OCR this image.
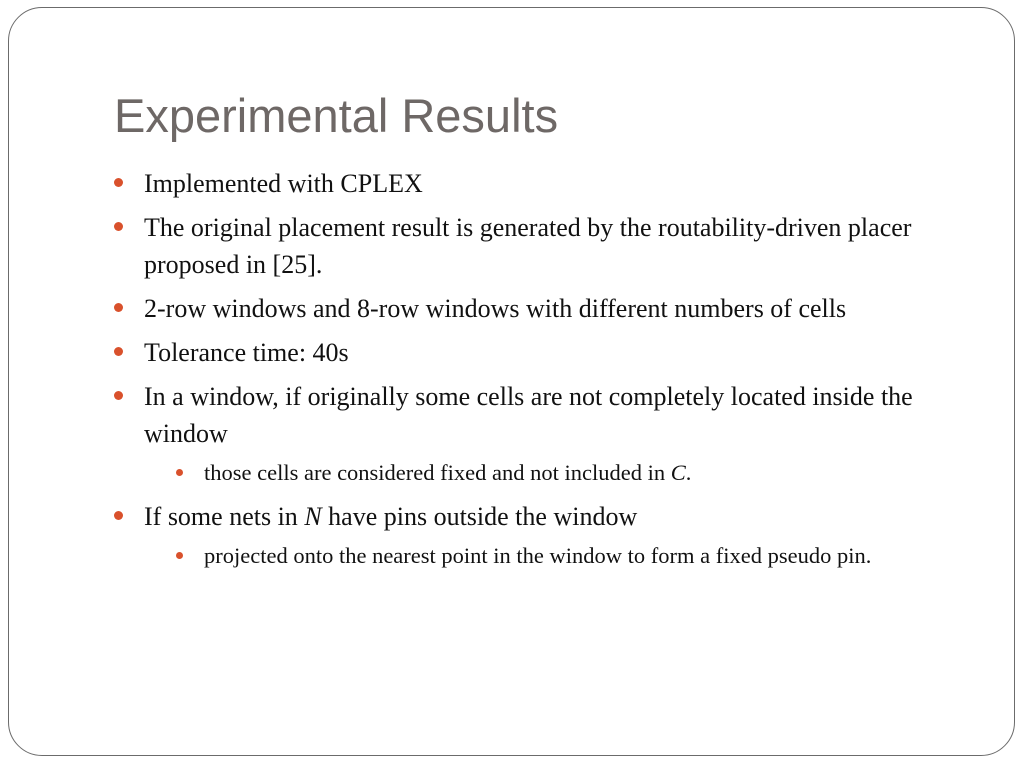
Experimental Results
Implemented with CPLEX
The original placement result is generated by the routability-driven placer proposed in [25].
2-row windows and 8-row windows with different numbers of cells
Tolerance time: 40s
In a window, if originally some cells are not completely located inside the window
those cells are considered fixed and not included in C.
If some nets in N have pins outside the window
projected onto the nearest point in the window to form a fixed pseudo pin.
